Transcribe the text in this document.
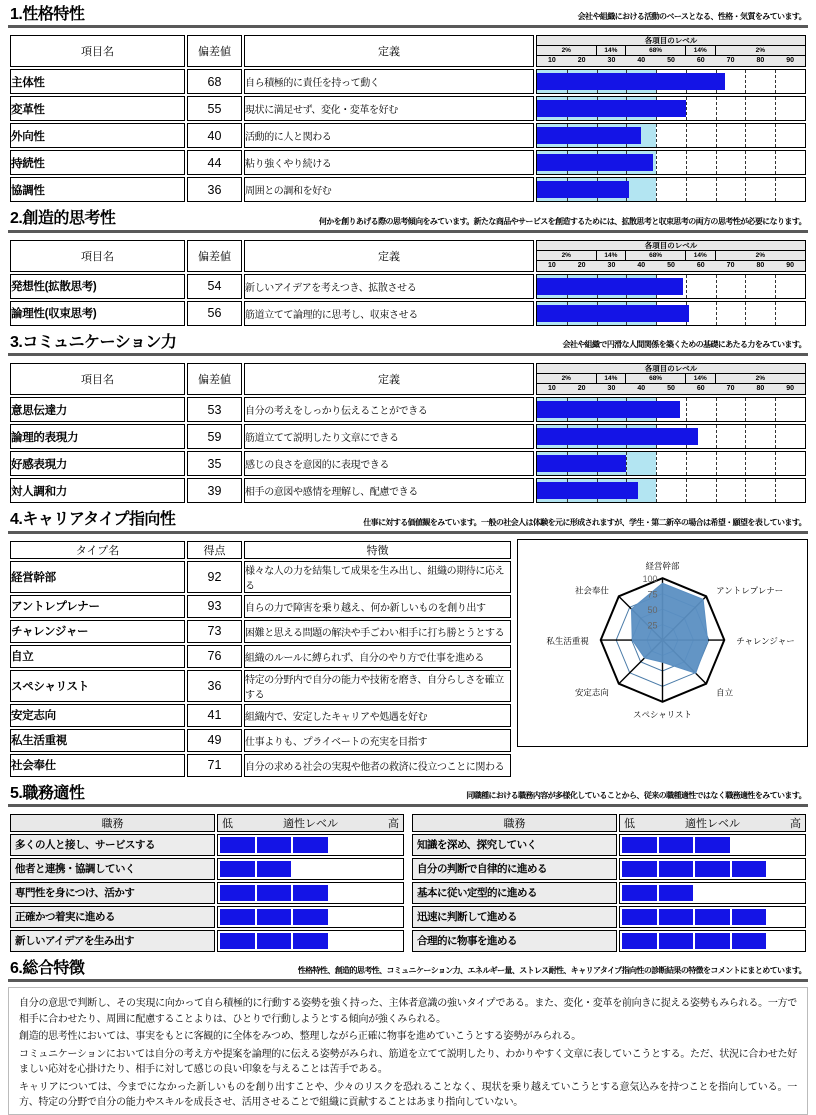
1.性格特性	会社や組織における活動のベースとなる、性格・気質をみています。
項目名	偏差値	定義	
各項目のレベル
2%	14%	68%	14%	2%
10	20	30	40	50	60	70	80	90

主体性	68	自ら積極的に責任を持って動く	

変革性	55	現状に満足せず、変化・変革を好む	

外向性	40	活動的に人と関わる	

持続性	44	粘り強くやり続ける	

協調性	36	周囲との調和を好む	
2.創造的思考性	何かを創りあげる際の思考傾向をみています。新たな商品やサービスを創造するためには、拡散思考と収束思考の両方の思考性が必要になります。
項目名	偏差値	定義	
各項目のレベル
2%	14%	68%	14%	2%
10	20	30	40	50	60	70	80	90

発想性(拡散思考)	54	新しいアイデアを考えつき、拡散させる	

論理性(収束思考)	56	筋道立てて論理的に思考し、収束させる	
3.コミュニケーション力	会社や組織で円滑な人間関係を築くための基礎にあたる力をみています。
項目名	偏差値	定義	
各項目のレベル
2%	14%	68%	14%	2%
10	20	30	40	50	60	70	80	90

意思伝達力	53	自分の考えをしっかり伝えることができる	

論理的表現力	59	筋道立てて説明したり文章にできる	

好感表現力	35	感じの良さを意図的に表現できる	

対人調和力	39	相手の意図や感情を理解し、配慮できる	
4.キャリアタイプ指向性	仕事に対する価値観をみています。一般の社会人は体験を元に形成されますが、学生・第二新卒の場合は希望・願望を表しています。
タイプ名	得点	特徴
経営幹部	92	様々な人の力を結集して成果を生み出し、組織の期待に応える
アントレプレナー	93	自らの力で障害を乗り越え、何か新しいものを創り出す
チャレンジャー	73	困難と思える問題の解決や手ごわい相手に打ち勝とうとする
自立	76	組織のルールに縛られず、自分のやり方で仕事を進める
スペシャリスト	36	特定の分野内で自分の能力や技術を磨き、自分らしさを確立する
安定志向	41	組織内で、安定したキャリアや処遇を好む
私生活重視	49	仕事よりも、プライベートの充実を目指す
社会奉仕	71	自分の求める社会の実現や他者の救済に役立つことに関わる
25
50
75
100
経営幹部
アントレプレナー
チャレンジャー
自立
スペシャリスト
安定志向
私生活重視
社会奉仕
5.職務適性	同職種における職務内容が多様化していることから、従来の職種適性ではなく職務適性をみています。
職務	低 適性レベル 高

多くの人と接し、サービスする	

他者と連携・協調していく	

専門性を身につけ、活かす	

正確かつ着実に進める	

新しいアイデアを生み出す	
職務	低 適性レベル 高

知識を深め、探究していく	

自分の判断で自律的に進める	

基本に従い定型的に進める	

迅速に判断して進める	

合理的に物事を進める	
6.総合特徴	性格特性、創造的思考性、コミュニケーション力、エネルギー量、ストレス耐性、キャリアタイプ指向性の診断結果の特徴をコメントにまとめています。

自分の意思で判断し、その実現に向かって自ら積極的に行動する姿勢を強く持った、主体者意識の強いタイプである。また、変化・変革を前向きに捉える姿勢もみられる。一方で相手に合わせたり、周囲に配慮することよりは、ひとりで行動しようとする傾向が強くみられる。

創造的思考性においては、事実をもとに客観的に全体をみつめ、整理しながら正確に物事を進めていこうとする姿勢がみられる。

コミュニケーションにおいては自分の考え方や提案を論理的に伝える姿勢がみられ、筋道を立てて説明したり、わかりやすく文章に表していこうとする。ただ、状況に合わせた好ましい応対を心掛けたり、相手に対して感じの良い印象を与えることは苦手である。

キャリアについては、今までになかった新しいものを創り出すことや、少々のリスクを恐れることなく、現状を乗り越えていこうとする意気込みを持つことを指向している。一方、特定の分野で自分の能力やスキルを成長させ、活用させることで組織に貢献することはあまり指向していない。
